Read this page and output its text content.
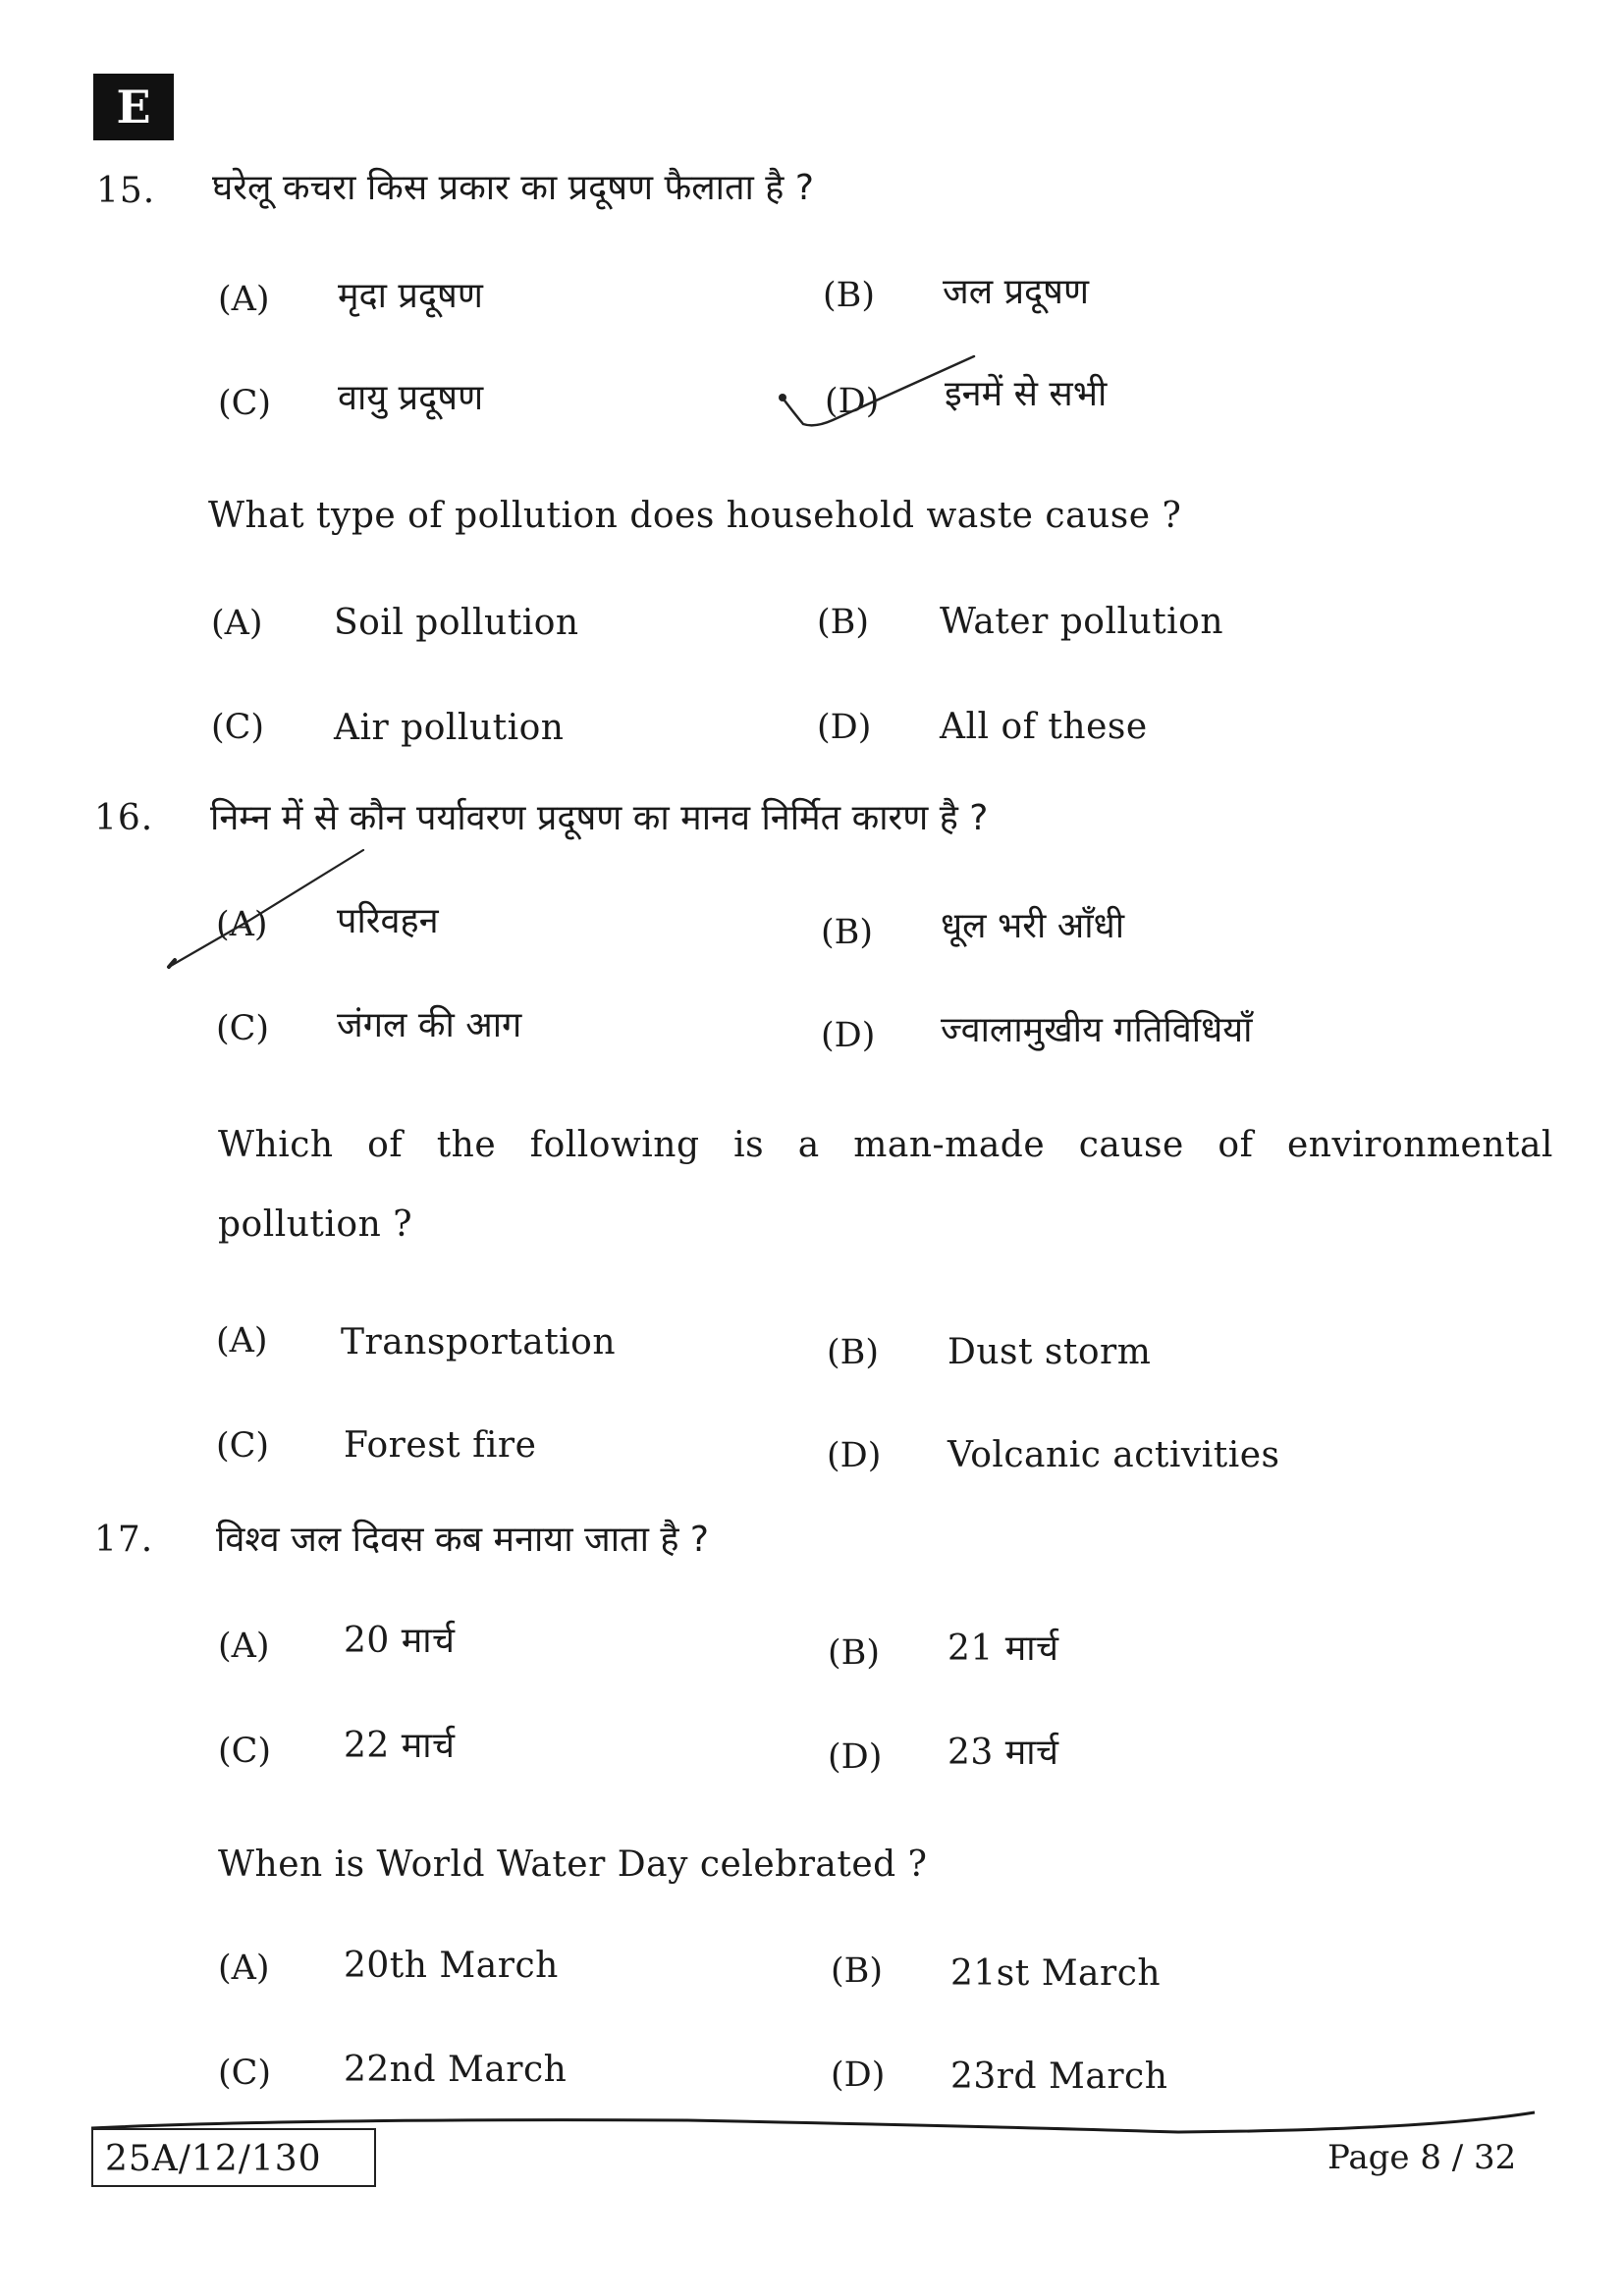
E
15. घरेलू कचरा किस प्रकार का प्रदूषण फैलाता है ?
(A) मृदा प्रदूषण	(B) जल प्रदूषण
(C) वायु प्रदूषण	(D) इनमें से सभी
What type of pollution does household waste cause ?
(A) Soil pollution	(B) Water pollution
(C) Air pollution	(D) All of these
16. निम्न में से कौन पर्यावरण प्रदूषण का मानव निर्मित कारण है ?
(A) परिवहन	(B) धूल भरी आँधी
(C) जंगल की आग	(D) ज्वालामुखीय गतिविधियाँ
Which of the following is a man-made cause of environmental
pollution ?
(A) Transportation	(B) Dust storm
(C) Forest fire	(D) Volcanic activities
17. विश्व जल दिवस कब मनाया जाता है ?
(A) 20 मार्च	(B) 21 मार्च
(C) 22 मार्च	(D) 23 मार्च
When is World Water Day celebrated ?
(A) 20th March	(B) 21st March
(C) 22nd March	(D) 23rd March
25A/12/130	Page 8 / 32
